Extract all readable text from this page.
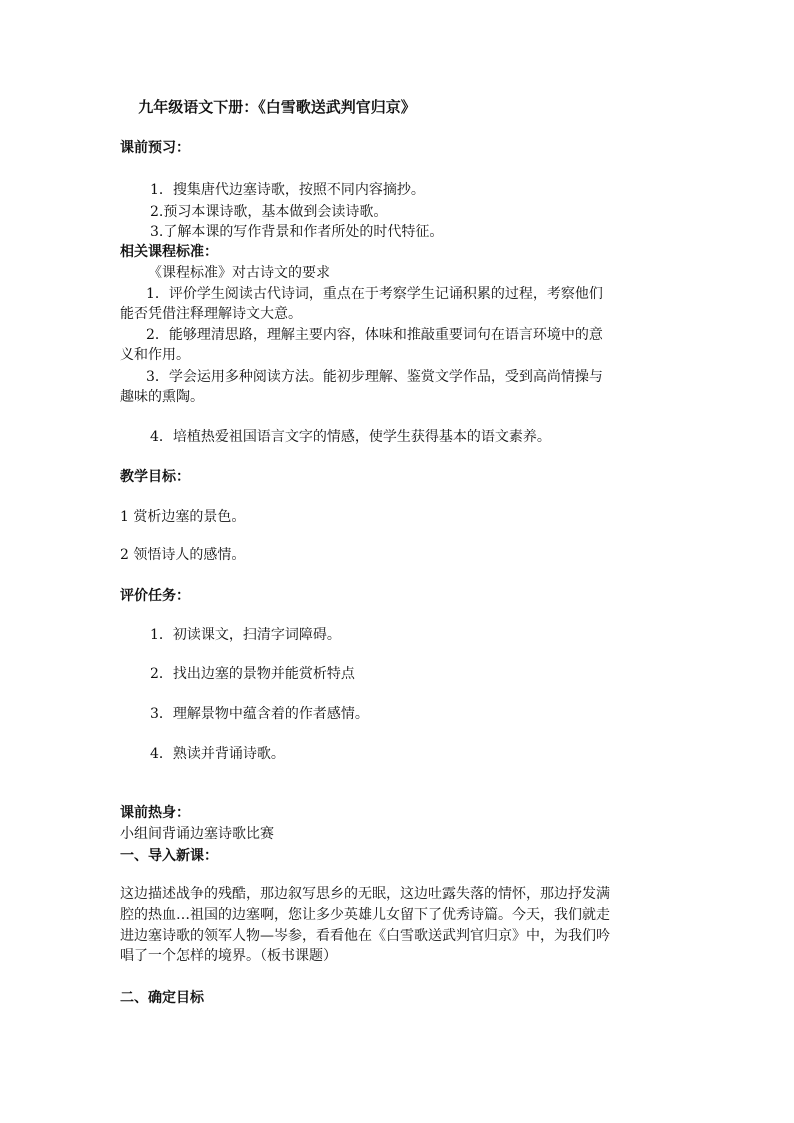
九年级语文下册：《白雪歌送武判官归京》
课前预习：
1．搜集唐代边塞诗歌，按照不同内容摘抄。
2.预习本课诗歌，基本做到会读诗歌。
3.了解本课的写作背景和作者所处的时代特征。
相关课程标准：
《课程标准》对古诗文的要求
1．评价学生阅读古代诗词，重点在于考察学生记诵积累的过程，考察他们
能否凭借注释理解诗文大意。
2．能够理清思路，理解主要内容，体味和推敲重要词句在语言环境中的意
义和作用。
3．学会运用多种阅读方法。能初步理解、鉴赏文学作品，受到高尚情操与
趣味的熏陶。
4．培植热爱祖国语言文字的情感，使学生获得基本的语文素养。
教学目标：
1 赏析边塞的景色。
2 领悟诗人的感情。
评价任务：
1．初读课文，扫清字词障碍。
2．找出边塞的景物并能赏析特点
3．理解景物中蕴含着的作者感情。
4．熟读并背诵诗歌。
课前热身：
小组间背诵边塞诗歌比赛
一、导入新课：
这边描述战争的残酷，那边叙写思乡的无眠，这边吐露失落的情怀，那边抒发满
腔的热血…祖国的边塞啊，您让多少英雄儿女留下了优秀诗篇。今天，我们就走
进边塞诗歌的领军人物—岑参，看看他在《白雪歌送武判官归京》中，为我们吟
唱了一个怎样的境界。（板书课题）
二、确定目标
